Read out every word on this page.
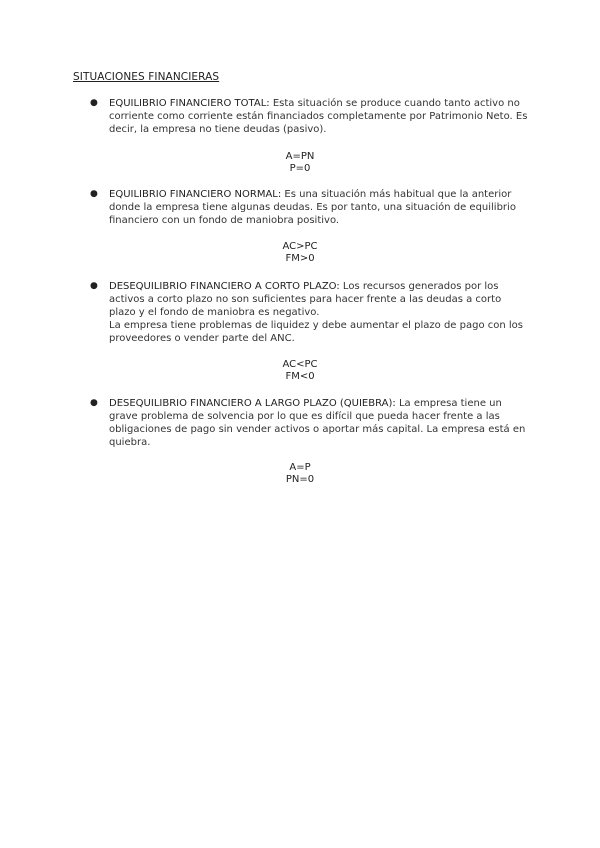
SITUACIONES FINANCIERAS
● EQUILIBRIO FINANCIERO TOTAL: Esta situación se produce cuando tanto activo no corriente como corriente están financiados completamente por Patrimonio Neto. Es decir, la empresa no tiene deudas (pasivo).
A=PN
P=0
● EQUILIBRIO FINANCIERO NORMAL: Es una situación más habitual que la anterior donde la empresa tiene algunas deudas. Es por tanto, una situación de equilibrio financiero con un fondo de maniobra positivo.
AC>PC
FM>0
● DESEQUILIBRIO FINANCIERO A CORTO PLAZO: Los recursos generados por los activos a corto plazo no son suficientes para hacer frente a las deudas a corto plazo y el fondo de maniobra es negativo.
La empresa tiene problemas de liquidez y debe aumentar el plazo de pago con los proveedores o vender parte del ANC.
AC<PC
FM<0
● DESEQUILIBRIO FINANCIERO A LARGO PLAZO (QUIEBRA): La empresa tiene un grave problema de solvencia por lo que es difícil que pueda hacer frente a las obligaciones de pago sin vender activos o aportar más capital. La empresa está en quiebra.
A=P
PN=0
